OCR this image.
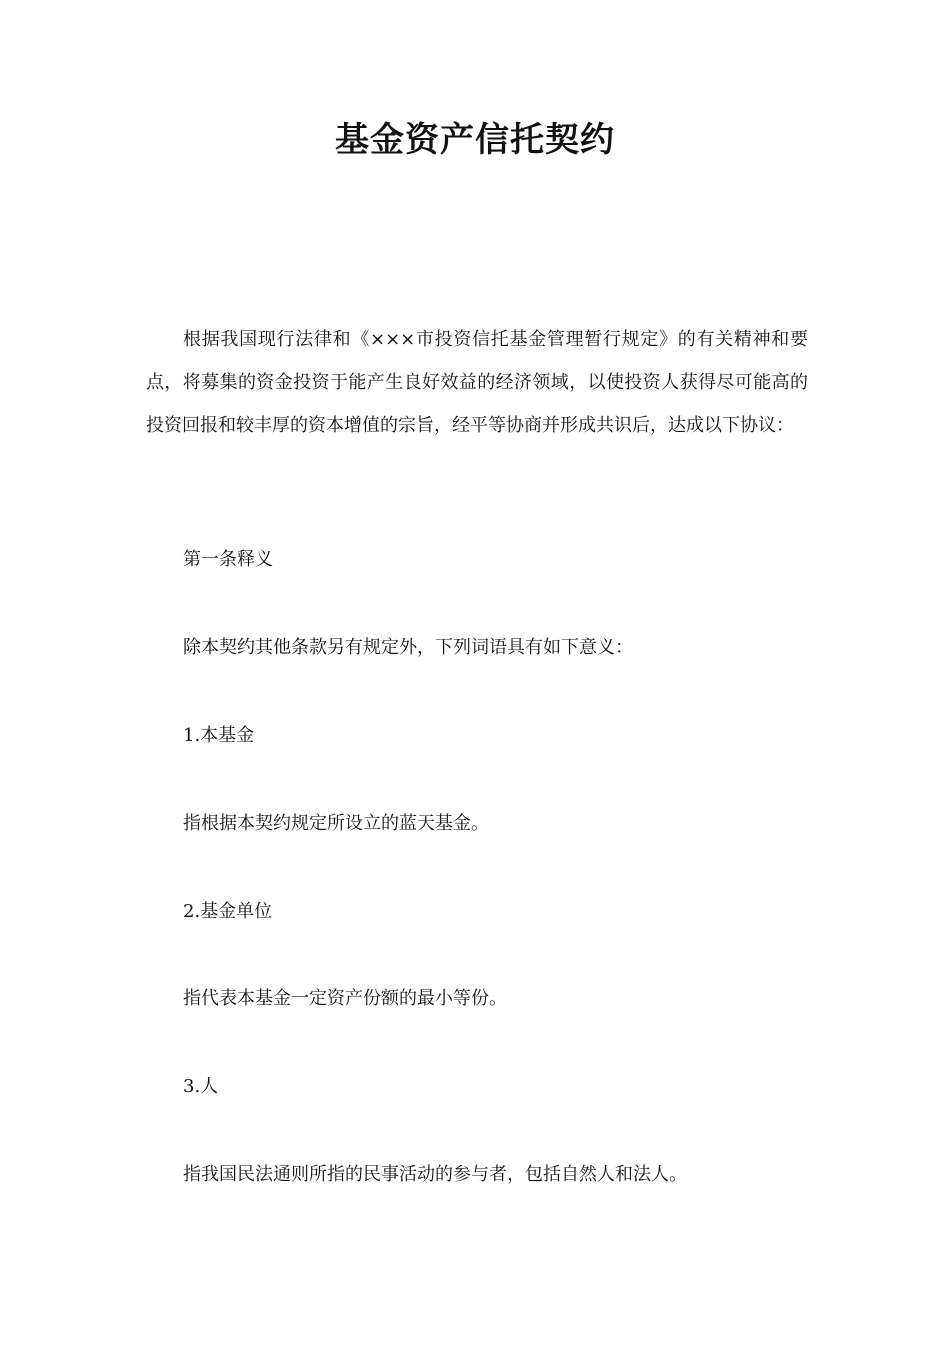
基金资产信托契约

根据我国现行法律和《×××市投资信托基金管理暂行规定》的有关精神和要点，将募集的资金投资于能产生良好效益的经济领域，以使投资人获得尽可能高的投资回报和较丰厚的资本增值的宗旨，经平等协商并形成共识后，达成以下协议：

第一条释义

除本契约其他条款另有规定外，下列词语具有如下意义：

1.本基金

指根据本契约规定所设立的蓝天基金。

2.基金单位

指代表本基金一定资产份额的最小等份。

3.人

指我国民法通则所指的民事活动的参与者，包括自然人和法人。
